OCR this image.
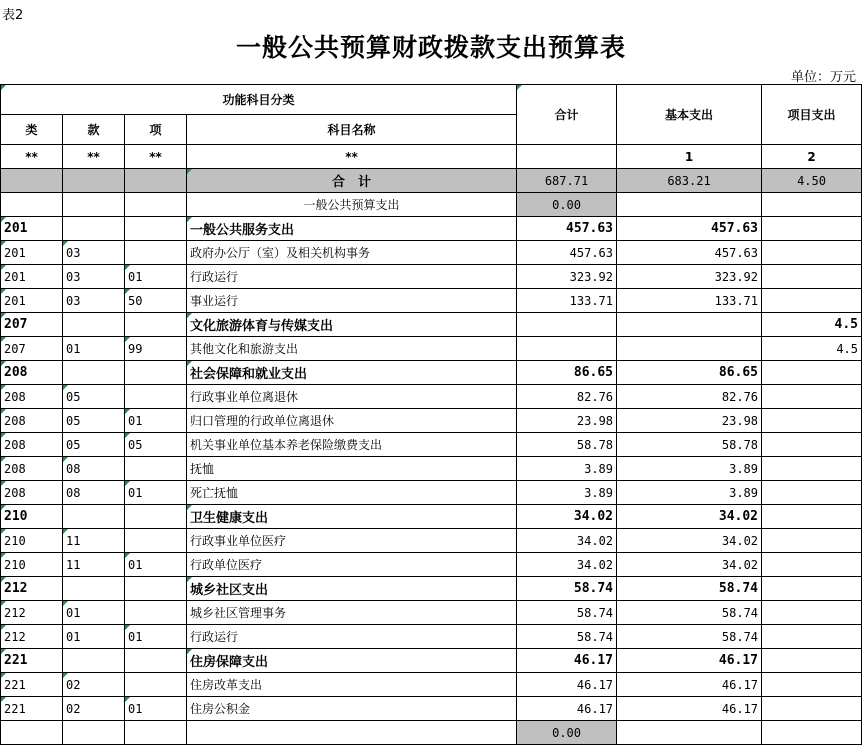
表2
一般公共预算财政拨款支出预算表
单位：万元
功能科目分类				合计	基本支出	项目支出
类	款	项	科目名称			
**	**	**	**		1	2
			合　计	687.71	683.21	4.50
			一般公共预算支出	0.00		
201			一般公共服务支出	457.63	457.63	
201	03		政府办公厅（室）及相关机构事务	457.63	457.63	
201	03	01	行政运行	323.92	323.92	
201	03	50	事业运行	133.71	133.71	
207			文化旅游体育与传媒支出			4.5
207	01	99	其他文化和旅游支出			4.5
208			社会保障和就业支出	86.65	86.65	
208	05		行政事业单位离退休	82.76	82.76	
208	05	01	归口管理的行政单位离退休	23.98	23.98	
208	05	05	机关事业单位基本养老保险缴费支出	58.78	58.78	
208	08		抚恤	3.89	3.89	
208	08	01	死亡抚恤	3.89	3.89	
210			卫生健康支出	34.02	34.02	
210	11		行政事业单位医疗	34.02	34.02	
210	11	01	行政单位医疗	34.02	34.02	
212			城乡社区支出	58.74	58.74	
212	01		城乡社区管理事务	58.74	58.74	
212	01	01	行政运行	58.74	58.74	
221			住房保障支出	46.17	46.17	
221	02		住房改革支出	46.17	46.17	
221	02	01	住房公积金	46.17	46.17	
				0.00		
